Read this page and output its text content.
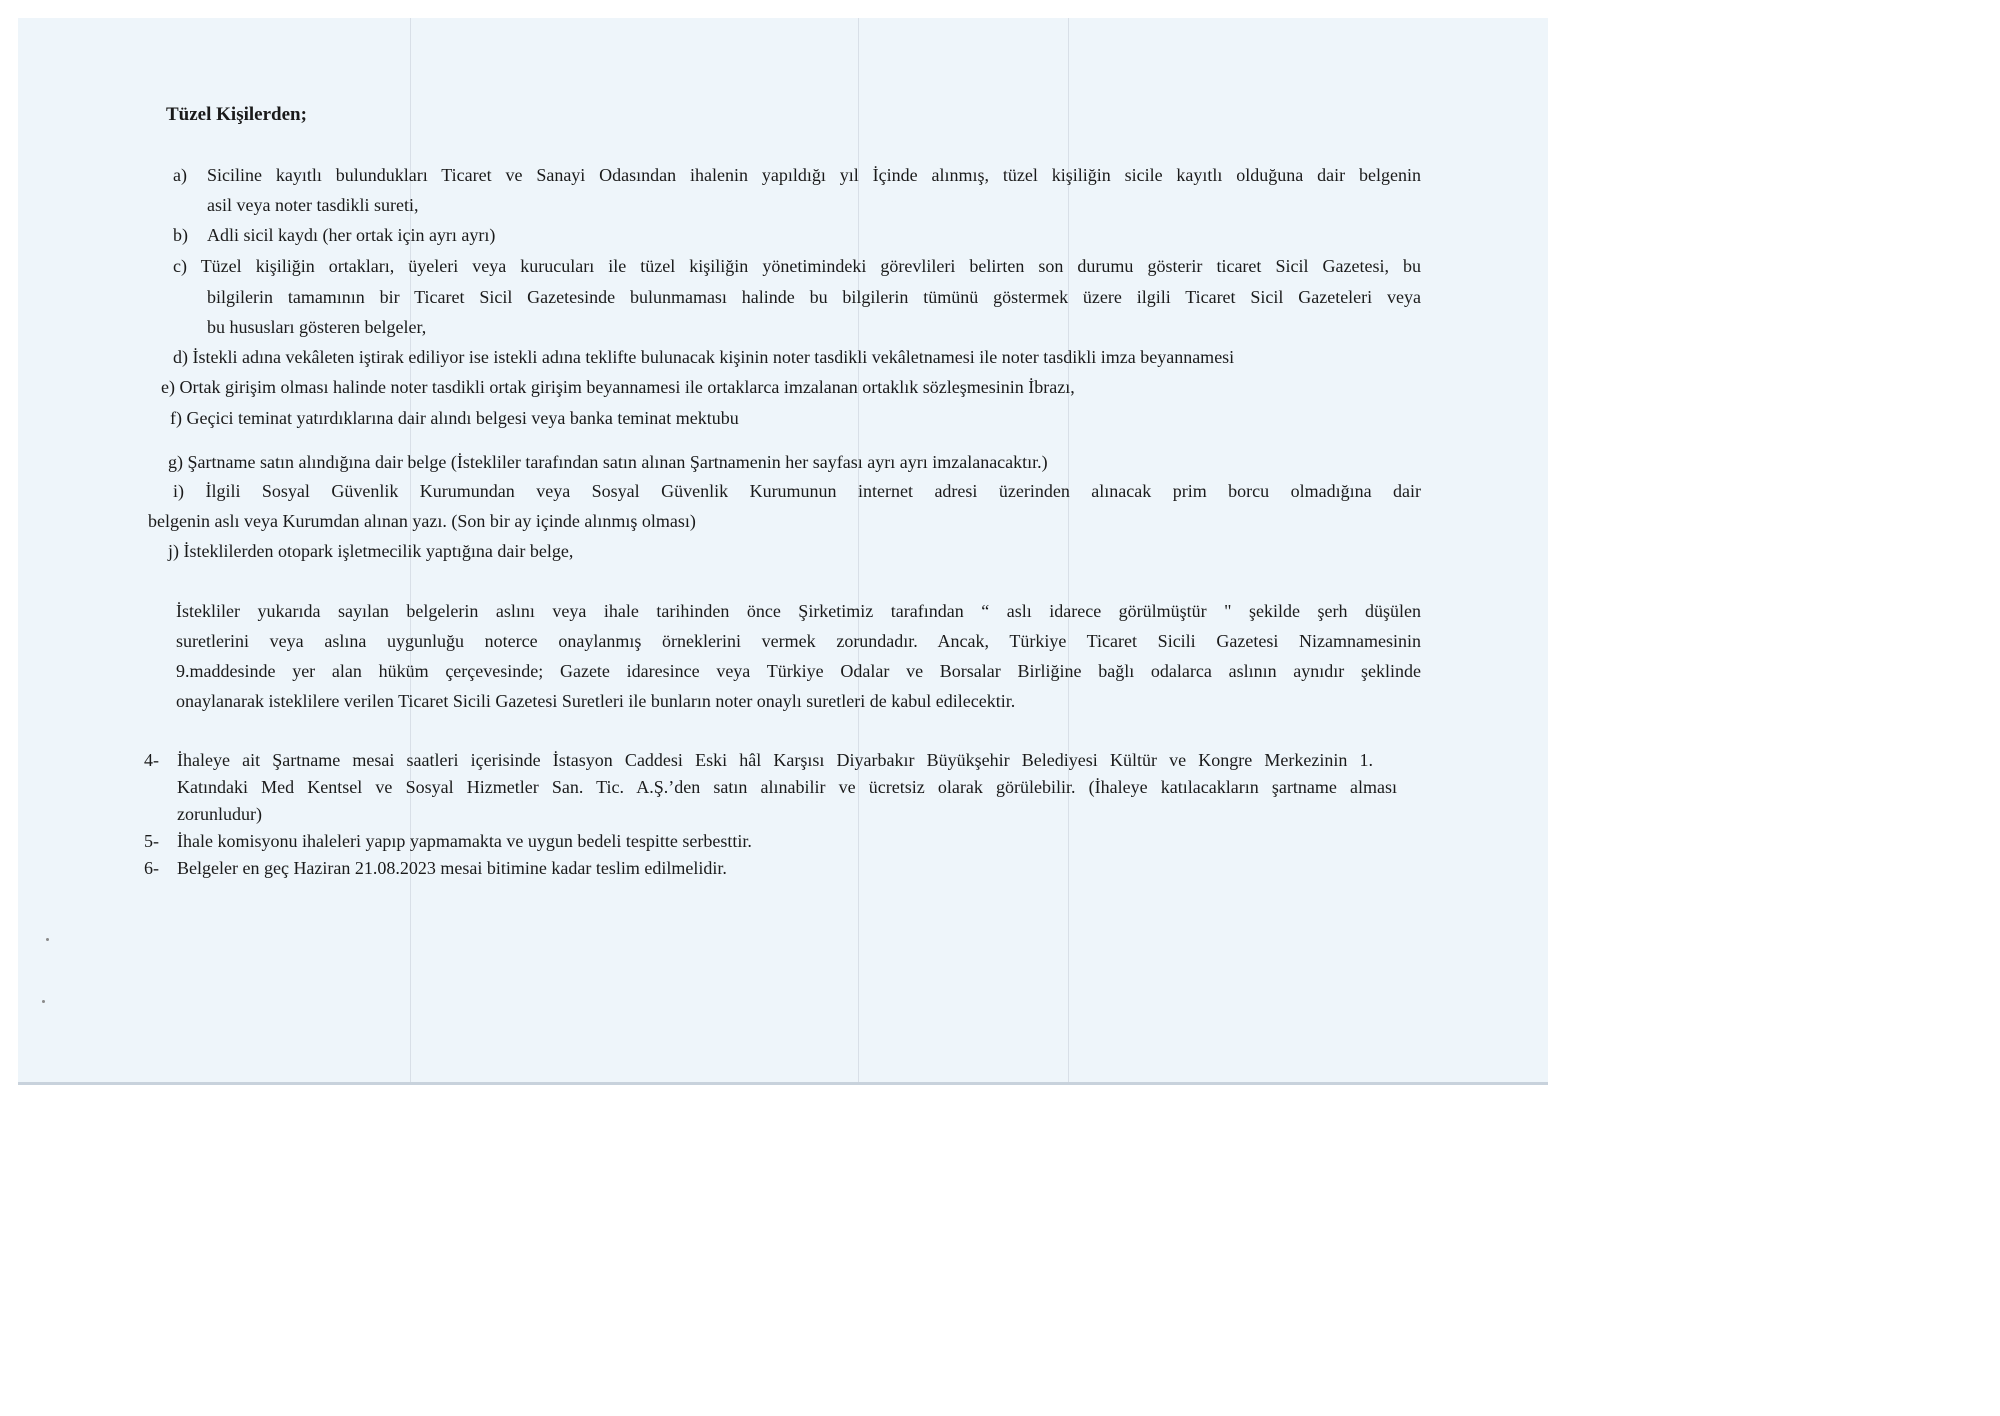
Tüzel Kişilerden;
a) Siciline kayıtlı bulundukları Ticaret ve Sanayi Odasından ihalenin yapıldığı yıl İçinde alınmış, tüzel kişiliğin sicile kayıtlı olduğuna dair belgenin
asil veya noter tasdikli sureti,
b) Adli sicil kaydı (her ortak için ayrı ayrı)
c) Tüzel kişiliğin ortakları, üyeleri veya kurucuları ile tüzel kişiliğin yönetimindeki görevlileri belirten son durumu gösterir ticaret Sicil Gazetesi, bu
bilgilerin tamamının bir Ticaret Sicil Gazetesinde bulunmaması halinde bu bilgilerin tümünü göstermek üzere ilgili Ticaret Sicil Gazeteleri veya
bu hususları gösteren belgeler,
d) İstekli adına vekâleten iştirak ediliyor ise istekli adına teklifte bulunacak kişinin noter tasdikli vekâletnamesi ile noter tasdikli imza beyannamesi
e) Ortak girişim olması halinde noter tasdikli ortak girişim beyannamesi ile ortaklarca imzalanan ortaklık sözleşmesinin İbrazı,
f) Geçici teminat yatırdıklarına dair alındı belgesi veya banka teminat mektubu
g) Şartname satın alındığına dair belge (İstekliler tarafından satın alınan Şartnamenin her sayfası ayrı ayrı imzalanacaktır.)
i) İlgili Sosyal Güvenlik Kurumundan veya Sosyal Güvenlik Kurumunun internet adresi üzerinden alınacak prim borcu olmadığına dair
belgenin aslı veya Kurumdan alınan yazı. (Son bir ay içinde alınmış olması)
j) İsteklilerden otopark işletmecilik yaptığına dair belge,
İstekliler yukarıda sayılan belgelerin aslını veya ihale tarihinden önce Şirketimiz tarafından “ aslı idarece görülmüştür " şekilde şerh düşülen
suretlerini veya aslına uygunluğu noterce onaylanmış örneklerini vermek zorundadır. Ancak, Türkiye Ticaret Sicili Gazetesi Nizamnamesinin
9.maddesinde yer alan hüküm çerçevesinde; Gazete idaresince veya Türkiye Odalar ve Borsalar Birliğine bağlı odalarca aslının aynıdır şeklinde
onaylanarak isteklilere verilen Ticaret Sicili Gazetesi Suretleri ile bunların noter onaylı suretleri de kabul edilecektir.
4- İhaleye ait Şartname mesai saatleri içerisinde İstasyon Caddesi Eski hâl Karşısı Diyarbakır Büyükşehir Belediyesi Kültür ve Kongre Merkezinin 1.
Katındaki Med Kentsel ve Sosyal Hizmetler San. Tic. A.Ş.’den satın alınabilir ve ücretsiz olarak görülebilir. (İhaleye katılacakların şartname alması
zorunludur)
5- İhale komisyonu ihaleleri yapıp yapmamakta ve uygun bedeli tespitte serbesttir.
6- Belgeler en geç Haziran 21.08.2023 mesai bitimine kadar teslim edilmelidir.
